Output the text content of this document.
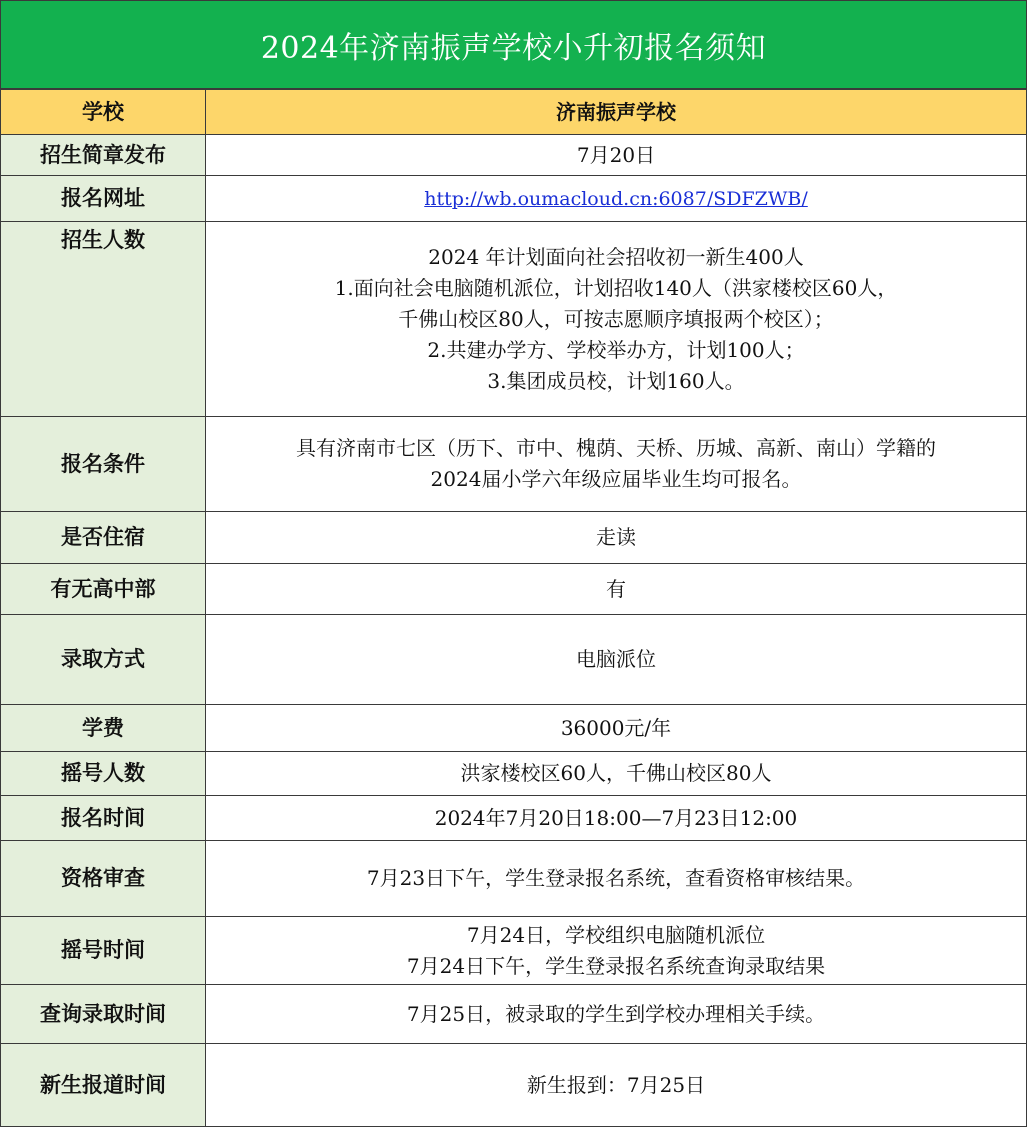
2024年济南振声学校小升初报名须知
学校	济南振声学校
招生简章发布	7月20日

报名网址	http://wb.oumacloud.cn:6087/SDFZWB/

招生人数	2024 年计划面向社会招收初一新生400人
1.面向社会电脑随机派位，计划招收140人（洪家楼校区60人，
千佛山校区80人，可按志愿顺序填报两个校区）；
2.共建办学方、学校举办方，计划100人；
3.集团成员校，计划160人。

报名条件	具有济南市七区（历下、市中、槐荫、天桥、历城、高新、南山）学籍的
2024届小学六年级应届毕业生均可报名。

是否住宿	走读

有无高中部	有

录取方式	电脑派位

学费	36000元/年

摇号人数	洪家楼校区60人，千佛山校区80人

报名时间	2024年7月20日18:00—7月23日12:00

资格审查	7月23日下午，学生登录报名系统，查看资格审核结果。

摇号时间	7月24日，学校组织电脑随机派位
7月24日下午，学生登录报名系统查询录取结果

查询录取时间	7月25日，被录取的学生到学校办理相关手续。

新生报道时间	新生报到：7月25日
